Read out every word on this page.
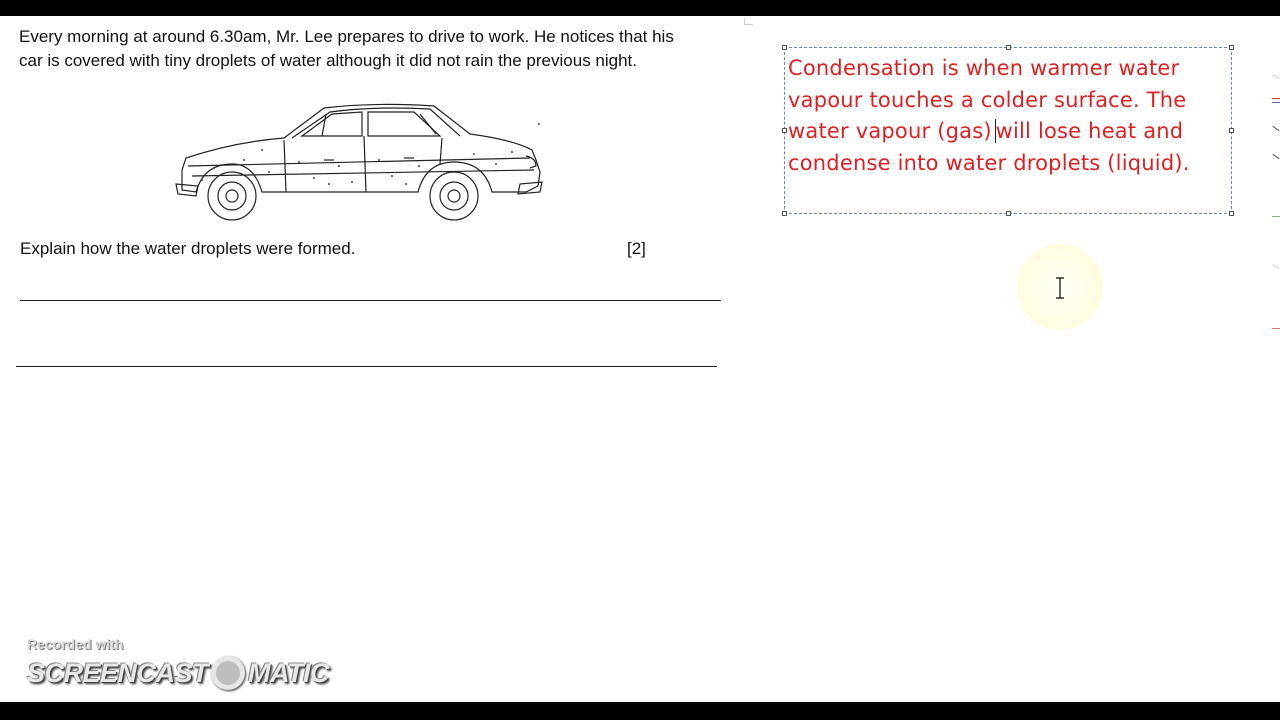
Every morning at around 6.30am, Mr. Lee prepares to drive to work. He notices that his
car is covered with tiny droplets of water although it did not rain the previous night.
Explain how the water droplets were formed.	[2]
Condensation is when warmer water
vapour touches a colder surface. The
water vapour (gas) will lose heat and
condense into water droplets (liquid).
Recorded with
SCREENCAST MATIC
